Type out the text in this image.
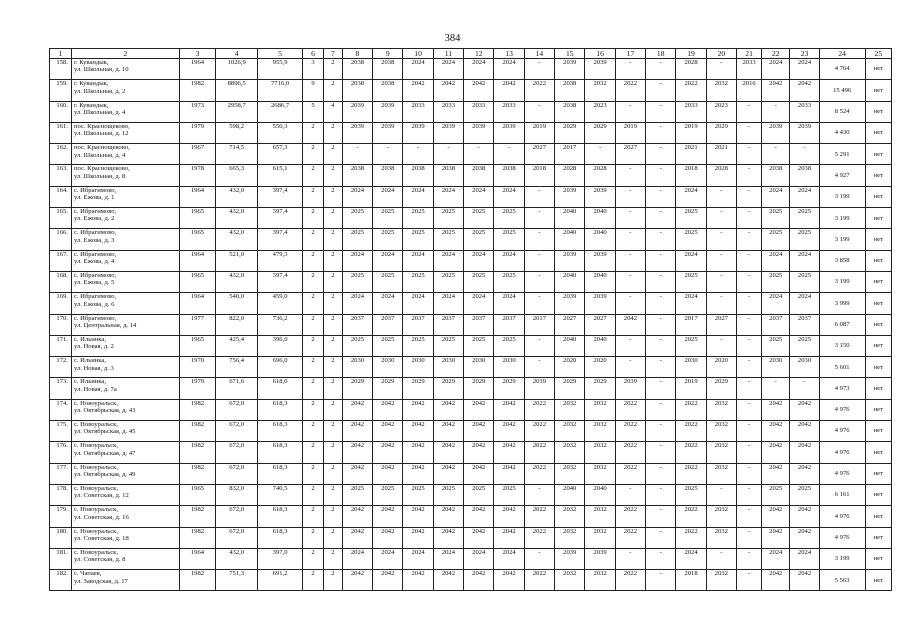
384
1	2	3	4	5	6	7	8	9	10	11	12	13	14	15	16	17	18	19	20	21	22	23	24	25
158.	г. Кувандык,
ул. Школьная, д. 10	1964	1026,9	955,9	3	2	2038	2038	2024	2024	2024	2024	-	2039	2039	-	-	2028	-	2033	2024	2024	4 764	нет
159.	г. Кувандык,
ул. Школьная, д. 2	1982	8896,5	7716,0	9	2	2038	2038	2042	2042	2042	2042	2022	2038	2032	2022	-	2022	2032	2016	2042	2042	15 496	нет
160.	г. Кувандык,
ул. Школьная, д. 4	1973	2958,7	2686,7	5	4	2039	2039	2033	2033	2033	2033	-	2038	2023	-	-	2033	2023	-	-	2033	8 524	нет
161.	пос. Краснощеково,
ул. Школьная, д. 12	1979	598,2	550,3	2	2	2039	2039	2039	2039	2039	2039	2019	2029	2029	2019	-	2019	2029	-	2039	2039	4 430	нет
162.	пос. Краснощеково,
ул. Школьная, д. 4	1967	714,5	657,3	2	2	-	-	-	-	-	-	2027	2017	-	2027	-	2021	2021	-	-	-	5 291	нет
163.	пос. Краснощеково,
ул. Школьная, д. 8	1978	665,3	615,1	2	2	2038	2038	2038	2038	2038	2038	2018	2028	2028	-	-	2018	2028	-	2038	2038	4 927	нет
164.	с. Ибрагимово,
ул. Ежова, д. 1	1964	432,0	397,4	2	2	2024	2024	2024	2024	2024	2024	-	2039	2039	-	-	2024	-	-	2024	2024	3 199	нет
165.	с. Ибрагимово,
ул. Ежова, д. 2	1965	432,0	397,4	2	2	2025	2025	2025	2025	2025	2025	-	2040	2040	-	-	2025	-	-	2025	2025	3 199	нет
166.	с. Ибрагимово,
ул. Ежова, д. 3	1965	432,0	397,4	2	2	2025	2025	2025	2025	2025	2025	-	2040	2040	-	-	2025	-	-	2025	2025	3 199	нет
167.	с. Ибрагимово,
ул. Ежова, д. 4	1964	521,0	479,3	2	2	2024	2024	2024	2024	2024	2024	-	2039	2039	-	-	2024	-	-	2024	2024	3 858	нет
168.	с. Ибрагимово,
ул. Ежова, д. 5	1965	432,0	397,4	2	2	2025	2025	2025	2025	2025	2025	-	2040	2040	-	-	2025	-	-	2025	2025	3 199	нет
169.	с. Ибрагимово,
ул. Ежова, д. 6	1964	540,0	459,0	2	2	2024	2024	2024	2024	2024	2024	-	2039	2039	-	-	2024	-	-	2024	2024	3 999	нет
170.	с. Ибрагимово,
ул. Центральная, д. 14	1977	822,0	736,2	2	2	2037	2037	2037	2037	2037	2037	2017	2027	2027	2042	-	2017	2027	-	2037	2037	6 087	нет
171.	с. Ильинка,
ул. Новая, д. 2	1965	425,4	396,0	2	2	2025	2025	2025	2025	2025	2025	-	2040	2040	-	-	2025	-	-	2025	2025	3 150	нет
172.	с. Ильинка,
ул. Новая, д. 3	1970	756,4	696,0	2	2	2030	2030	2030	2030	2030	2030	-	2020	2020	-	-	2030	2020	-	2030	2030	5 601	нет
173.	с. Ильинка,
ул. Новая, д. 7а	1979	671,6	618,0	2	2	2029	2029	2029	2029	2029	2029	2039	2029	2029	2039	-	2019	2029	-	-	-	4 973	нет
174.	с. Новоуральск,
ул. Октябрьская, д. 43	1982	672,0	618,3	2	2	2042	2042	2042	2042	2042	2042	2022	2032	2032	2022	-	2022	2032	-	2042	2042	4 976	нет
175.	с. Новоуральск,
ул. Октябрьская, д. 45	1982	672,0	618,3	2	2	2042	2042	2042	2042	2042	2042	2022	2032	2032	2022	-	2022	2032	-	2042	2042	4 976	нет
176.	с. Новоуральск,
ул. Октябрьская, д. 47	1982	672,0	618,3	2	2	2042	2042	2042	2042	2042	2042	2022	2032	2032	2022	-	2022	2032	-	2042	2042	4 976	нет
177.	с. Новоуральск,
ул. Октябрьская, д. 49	1982	672,0	618,3	2	2	2042	2042	2042	2042	2042	2042	2022	2032	2032	2022	-	2022	2032	-	2042	2042	4 976	нет
178.	с. Новоуральск,
ул. Советская, д. 12	1965	832,0	740,5	2	2	2025	2025	2025	2025	2025	2025	-	2040	2040	-	-	2025	-	-	2025	2025	6 161	нет
179.	с. Новоуральск,
ул. Советская, д. 16	1982	672,0	618,3	2	2	2042	2042	2042	2042	2042	2042	2022	2032	2032	2022	-	2022	2032	-	2042	2042	4 976	нет
180.	с. Новоуральск,
ул. Советская, д. 18	1982	672,0	618,3	2	2	2042	2042	2042	2042	2042	2042	2022	2032	2032	2022	-	2022	2032	-	2042	2042	4 976	нет
181.	с. Новоуральск,
ул. Советская, д. 8	1964	432,0	397,0	2	2	2024	2024	2024	2024	2024	2024	-	2039	2039	-	-	2024	-	-	2024	2024	3 199	нет
182.	с. Чапаев,
ул. Заводская, д. 17	1982	751,3	691,2	2	2	2042	2042	2042	2042	2042	2042	2022	2032	2032	2022	-	2018	2032	-	2042	2042	5 563	нет
